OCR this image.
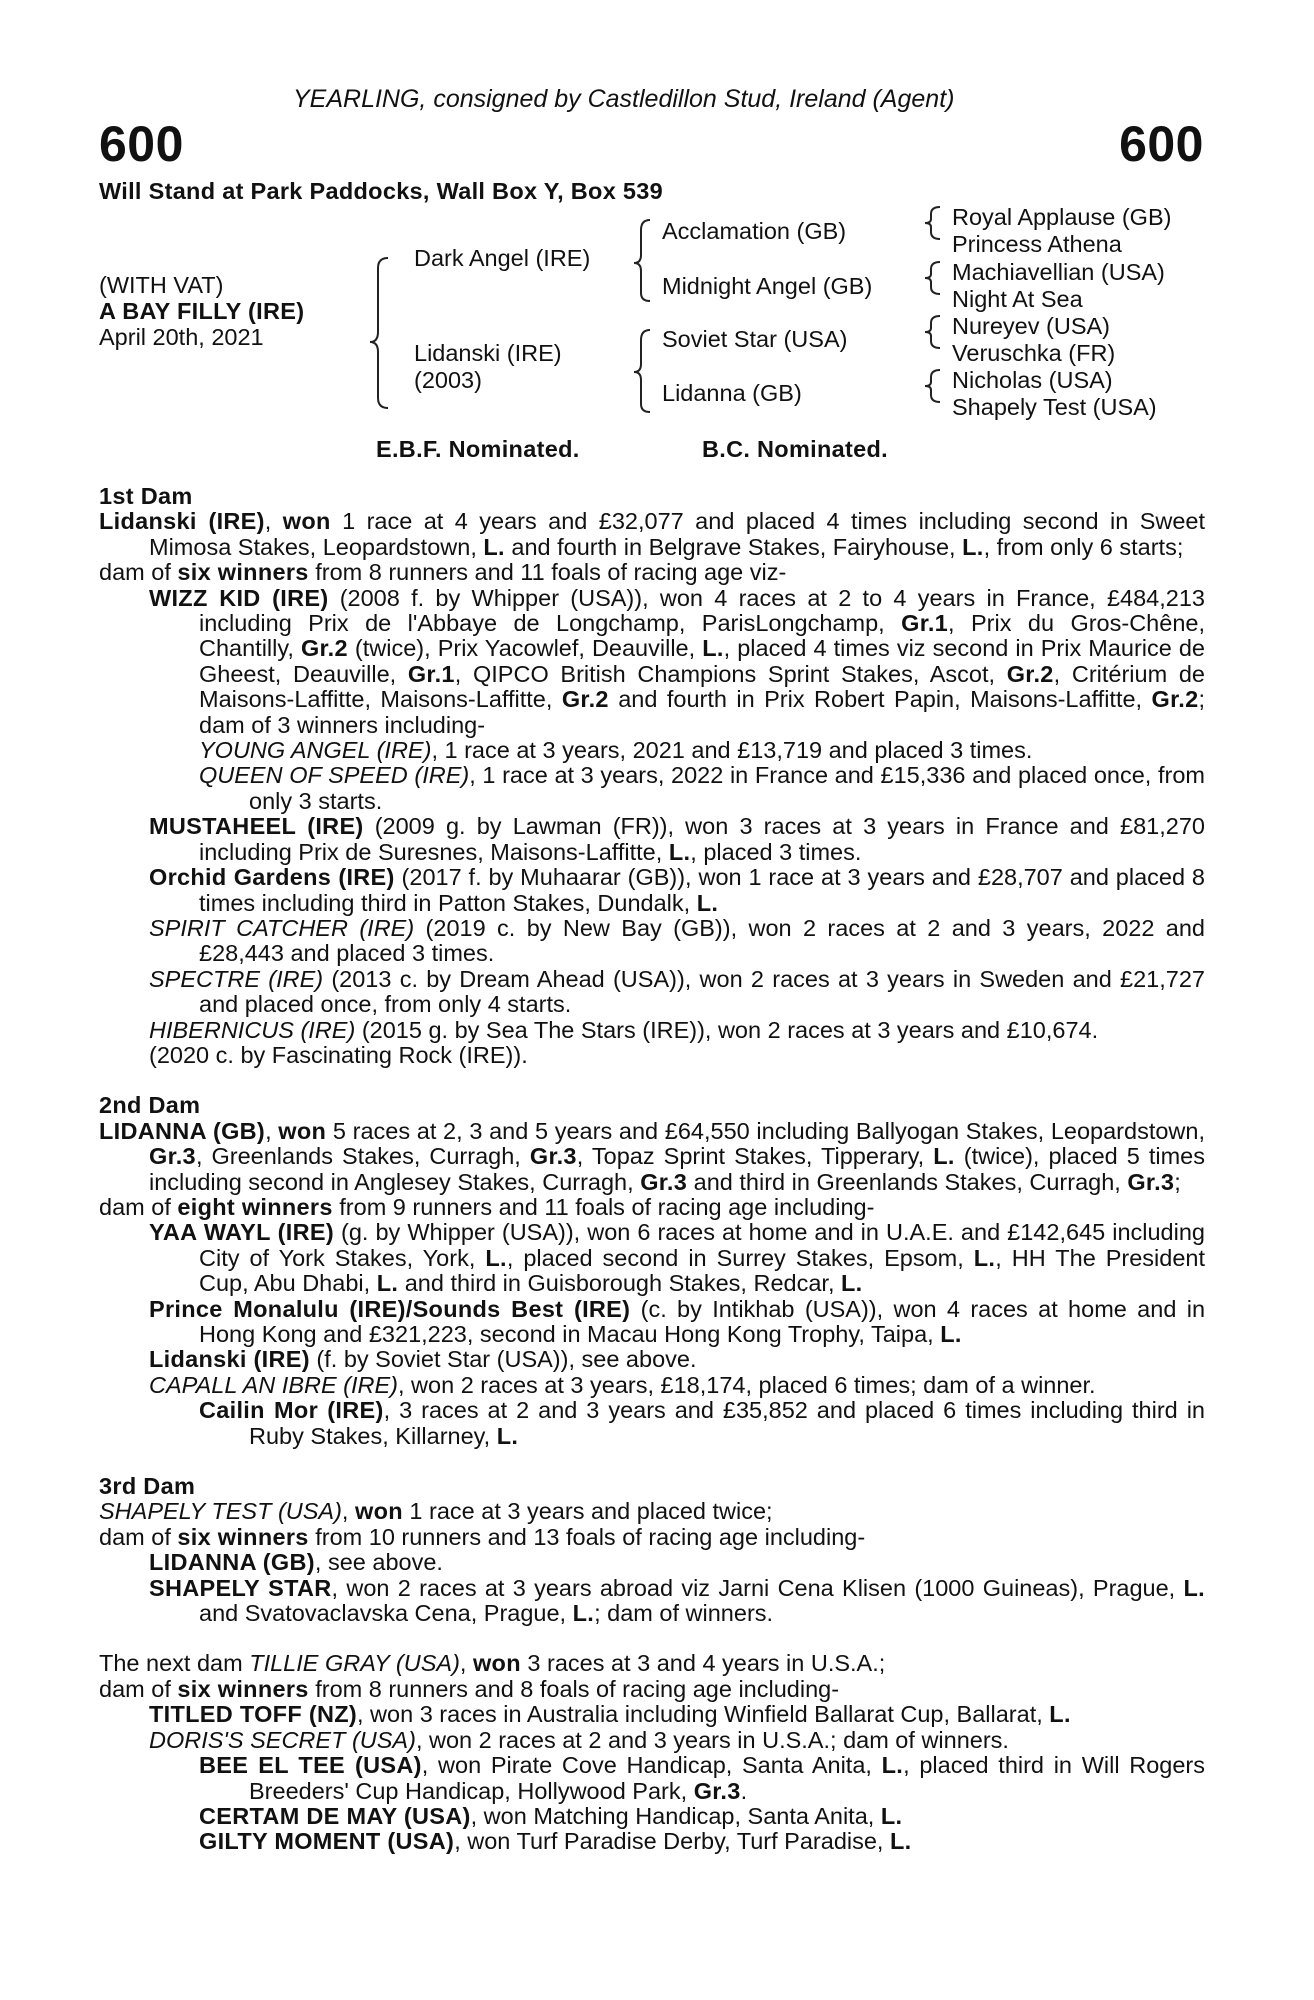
YEARLING, consigned by Castledillon Stud, Ireland (Agent)
600	600
Will Stand at Park Paddocks, Wall Box Y, Box 539
(WITH VAT)
A BAY FILLY (IRE)
April 20th, 2021
Dark Angel (IRE)
Lidanski (IRE)
(2003)
Acclamation (GB)
Midnight Angel (GB)
Soviet Star (USA)
Lidanna (GB)
Royal Applause (GB)
Princess Athena
Machiavellian (USA)
Night At Sea
Nureyev (USA)
Veruschka (FR)
Nicholas (USA)
Shapely Test (USA)
E.B.F. Nominated.	B.C. Nominated.

1st Dam

Lidanski (IRE), won 1 race at 4 years and £32,077 and placed 4 times including second in Sweet Mimosa Stakes, Leopardstown, L. and fourth in Belgrave Stakes, Fairyhouse, L., from only 6 starts;

dam of six winners from 8 runners and 11 foals of racing age viz-

WIZZ KID (IRE) (2008 f. by Whipper (USA)), won 4 races at 2 to 4 years in France, £484,213 including Prix de l'Abbaye de Longchamp, ParisLongchamp, Gr.1, Prix du Gros-Chêne, Chantilly, Gr.2 (twice), Prix Yacowlef, Deauville, L., placed 4 times viz second in Prix Maurice de Gheest, Deauville, Gr.1, QIPCO British Champions Sprint Stakes, Ascot, Gr.2, Critérium de Maisons-Laffitte, Maisons-Laffitte, Gr.2 and fourth in Prix Robert Papin, Maisons-Laffitte, Gr.2; dam of 3 winners including-

YOUNG ANGEL (IRE), 1 race at 3 years, 2021 and £13,719 and placed 3 times.

QUEEN OF SPEED (IRE), 1 race at 3 years, 2022 in France and £15,336 and placed once, from only 3 starts.

MUSTAHEEL (IRE) (2009 g. by Lawman (FR)), won 3 races at 3 years in France and £81,270 including Prix de Suresnes, Maisons-Laffitte, L., placed 3 times.

Orchid Gardens (IRE) (2017 f. by Muhaarar (GB)), won 1 race at 3 years and £28,707 and placed 8 times including third in Patton Stakes, Dundalk, L.

SPIRIT CATCHER (IRE) (2019 c. by New Bay (GB)), won 2 races at 2 and 3 years, 2022 and £28,443 and placed 3 times.

SPECTRE (IRE) (2013 c. by Dream Ahead (USA)), won 2 races at 3 years in Sweden and £21,727 and placed once, from only 4 starts.

HIBERNICUS (IRE) (2015 g. by Sea The Stars (IRE)), won 2 races at 3 years and £10,674.

(2020 c. by Fascinating Rock (IRE)).

2nd Dam

LIDANNA (GB), won 5 races at 2, 3 and 5 years and £64,550 including Ballyogan Stakes, Leopardstown, Gr.3, Greenlands Stakes, Curragh, Gr.3, Topaz Sprint Stakes, Tipperary, L. (twice), placed 5 times including second in Anglesey Stakes, Curragh, Gr.3 and third in Greenlands Stakes, Curragh, Gr.3;

dam of eight winners from 9 runners and 11 foals of racing age including-

YAA WAYL (IRE) (g. by Whipper (USA)), won 6 races at home and in U.A.E. and £142,645 including City of York Stakes, York, L., placed second in Surrey Stakes, Epsom, L., HH The President Cup, Abu Dhabi, L. and third in Guisborough Stakes, Redcar, L.

Prince Monalulu (IRE)/Sounds Best (IRE) (c. by Intikhab (USA)), won 4 races at home and in Hong Kong and £321,223, second in Macau Hong Kong Trophy, Taipa, L.

Lidanski (IRE) (f. by Soviet Star (USA)), see above.

CAPALL AN IBRE (IRE), won 2 races at 3 years, £18,174, placed 6 times; dam of a winner.

Cailin Mor (IRE), 3 races at 2 and 3 years and £35,852 and placed 6 times including third in Ruby Stakes, Killarney, L.

3rd Dam

SHAPELY TEST (USA), won 1 race at 3 years and placed twice;

dam of six winners from 10 runners and 13 foals of racing age including-

LIDANNA (GB), see above.

SHAPELY STAR, won 2 races at 3 years abroad viz Jarni Cena Klisen (1000 Guineas), Prague, L. and Svatovaclavska Cena, Prague, L.; dam of winners.

The next dam TILLIE GRAY (USA), won 3 races at 3 and 4 years in U.S.A.;

dam of six winners from 8 runners and 8 foals of racing age including-

TITLED TOFF (NZ), won 3 races in Australia including Winfield Ballarat Cup, Ballarat, L.

DORIS'S SECRET (USA), won 2 races at 2 and 3 years in U.S.A.; dam of winners.

BEE EL TEE (USA), won Pirate Cove Handicap, Santa Anita, L., placed third in Will Rogers Breeders' Cup Handicap, Hollywood Park, Gr.3.

CERTAM DE MAY (USA), won Matching Handicap, Santa Anita, L.

GILTY MOMENT (USA), won Turf Paradise Derby, Turf Paradise, L.
